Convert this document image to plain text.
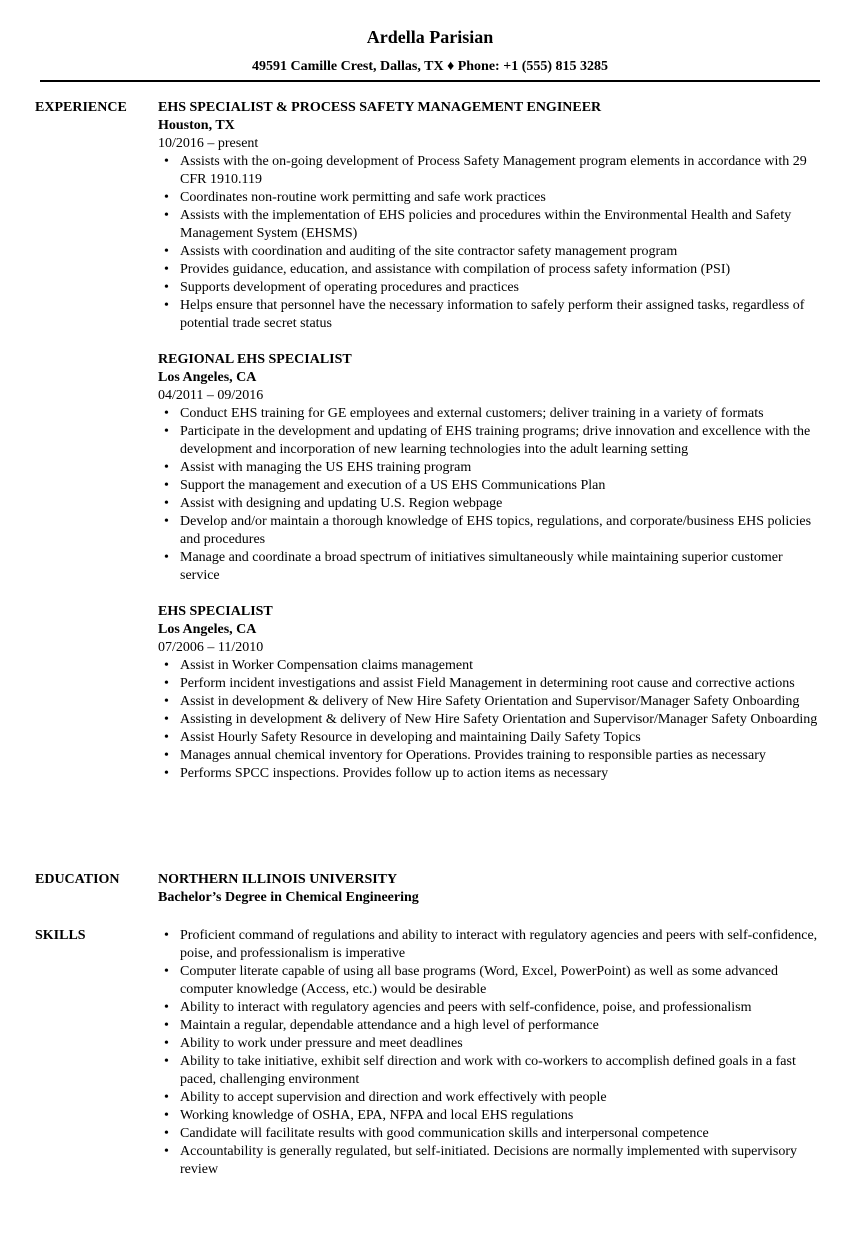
Ardella Parisian
49591 Camille Crest, Dallas, TX ♦ Phone: +1 (555) 815 3285
EXPERIENCE	EHS SPECIALIST & PROCESS SAFETY MANAGEMENT ENGINEER
Houston, TX
10/2016 – present
• Assists with the on-going development of Process Safety Management program elements in accordance with 29 CFR 1910.119
• Coordinates non-routine work permitting and safe work practices
• Assists with the implementation of EHS policies and procedures within the Environmental Health and Safety Management System (EHSMS)
• Assists with coordination and auditing of the site contractor safety management program
• Provides guidance, education, and assistance with compilation of process safety information (PSI)
• Supports development of operating procedures and practices
• Helps ensure that personnel have the necessary information to safely perform their assigned tasks, regardless of potential trade secret status
REGIONAL EHS SPECIALIST
Los Angeles, CA
04/2011 – 09/2016
• Conduct EHS training for GE employees and external customers; deliver training in a variety of formats
• Participate in the development and updating of EHS training programs; drive innovation and excellence with the development and incorporation of new learning technologies into the adult learning setting
• Assist with managing the US EHS training program
• Support the management and execution of a US EHS Communications Plan
• Assist with designing and updating U.S. Region webpage
• Develop and/or maintain a thorough knowledge of EHS topics, regulations, and corporate/business EHS policies and procedures
• Manage and coordinate a broad spectrum of initiatives simultaneously while maintaining superior customer service
EHS SPECIALIST
Los Angeles, CA
07/2006 – 11/2010
• Assist in Worker Compensation claims management
• Perform incident investigations and assist Field Management in determining root cause and corrective actions
• Assist in development & delivery of New Hire Safety Orientation and Supervisor/Manager Safety Onboarding
• Assisting in development & delivery of New Hire Safety Orientation and Supervisor/Manager Safety Onboarding
• Assist Hourly Safety Resource in developing and maintaining Daily Safety Topics
• Manages annual chemical inventory for Operations. Provides training to responsible parties as necessary
• Performs SPCC inspections. Provides follow up to action items as necessary
EDUCATION	NORTHERN ILLINOIS UNIVERSITY
Bachelor’s Degree in Chemical Engineering
SKILLS
•	Proficient command of regulations and ability to interact with regulatory agencies and peers with self-confidence, poise, and professionalism is imperative
• Computer literate capable of using all base programs (Word, Excel, PowerPoint) as well as some advanced computer knowledge (Access, etc.) would be desirable
• Ability to interact with regulatory agencies and peers with self-confidence, poise, and professionalism
• Maintain a regular, dependable attendance and a high level of performance
• Ability to work under pressure and meet deadlines
• Ability to take initiative, exhibit self direction and work with co-workers to accomplish defined goals in a fast paced, challenging environment
• Ability to accept supervision and direction and work effectively with people
• Working knowledge of OSHA, EPA, NFPA and local EHS regulations
• Candidate will facilitate results with good communication skills and interpersonal competence
• Accountability is generally regulated, but self-initiated. Decisions are normally implemented with supervisory review
